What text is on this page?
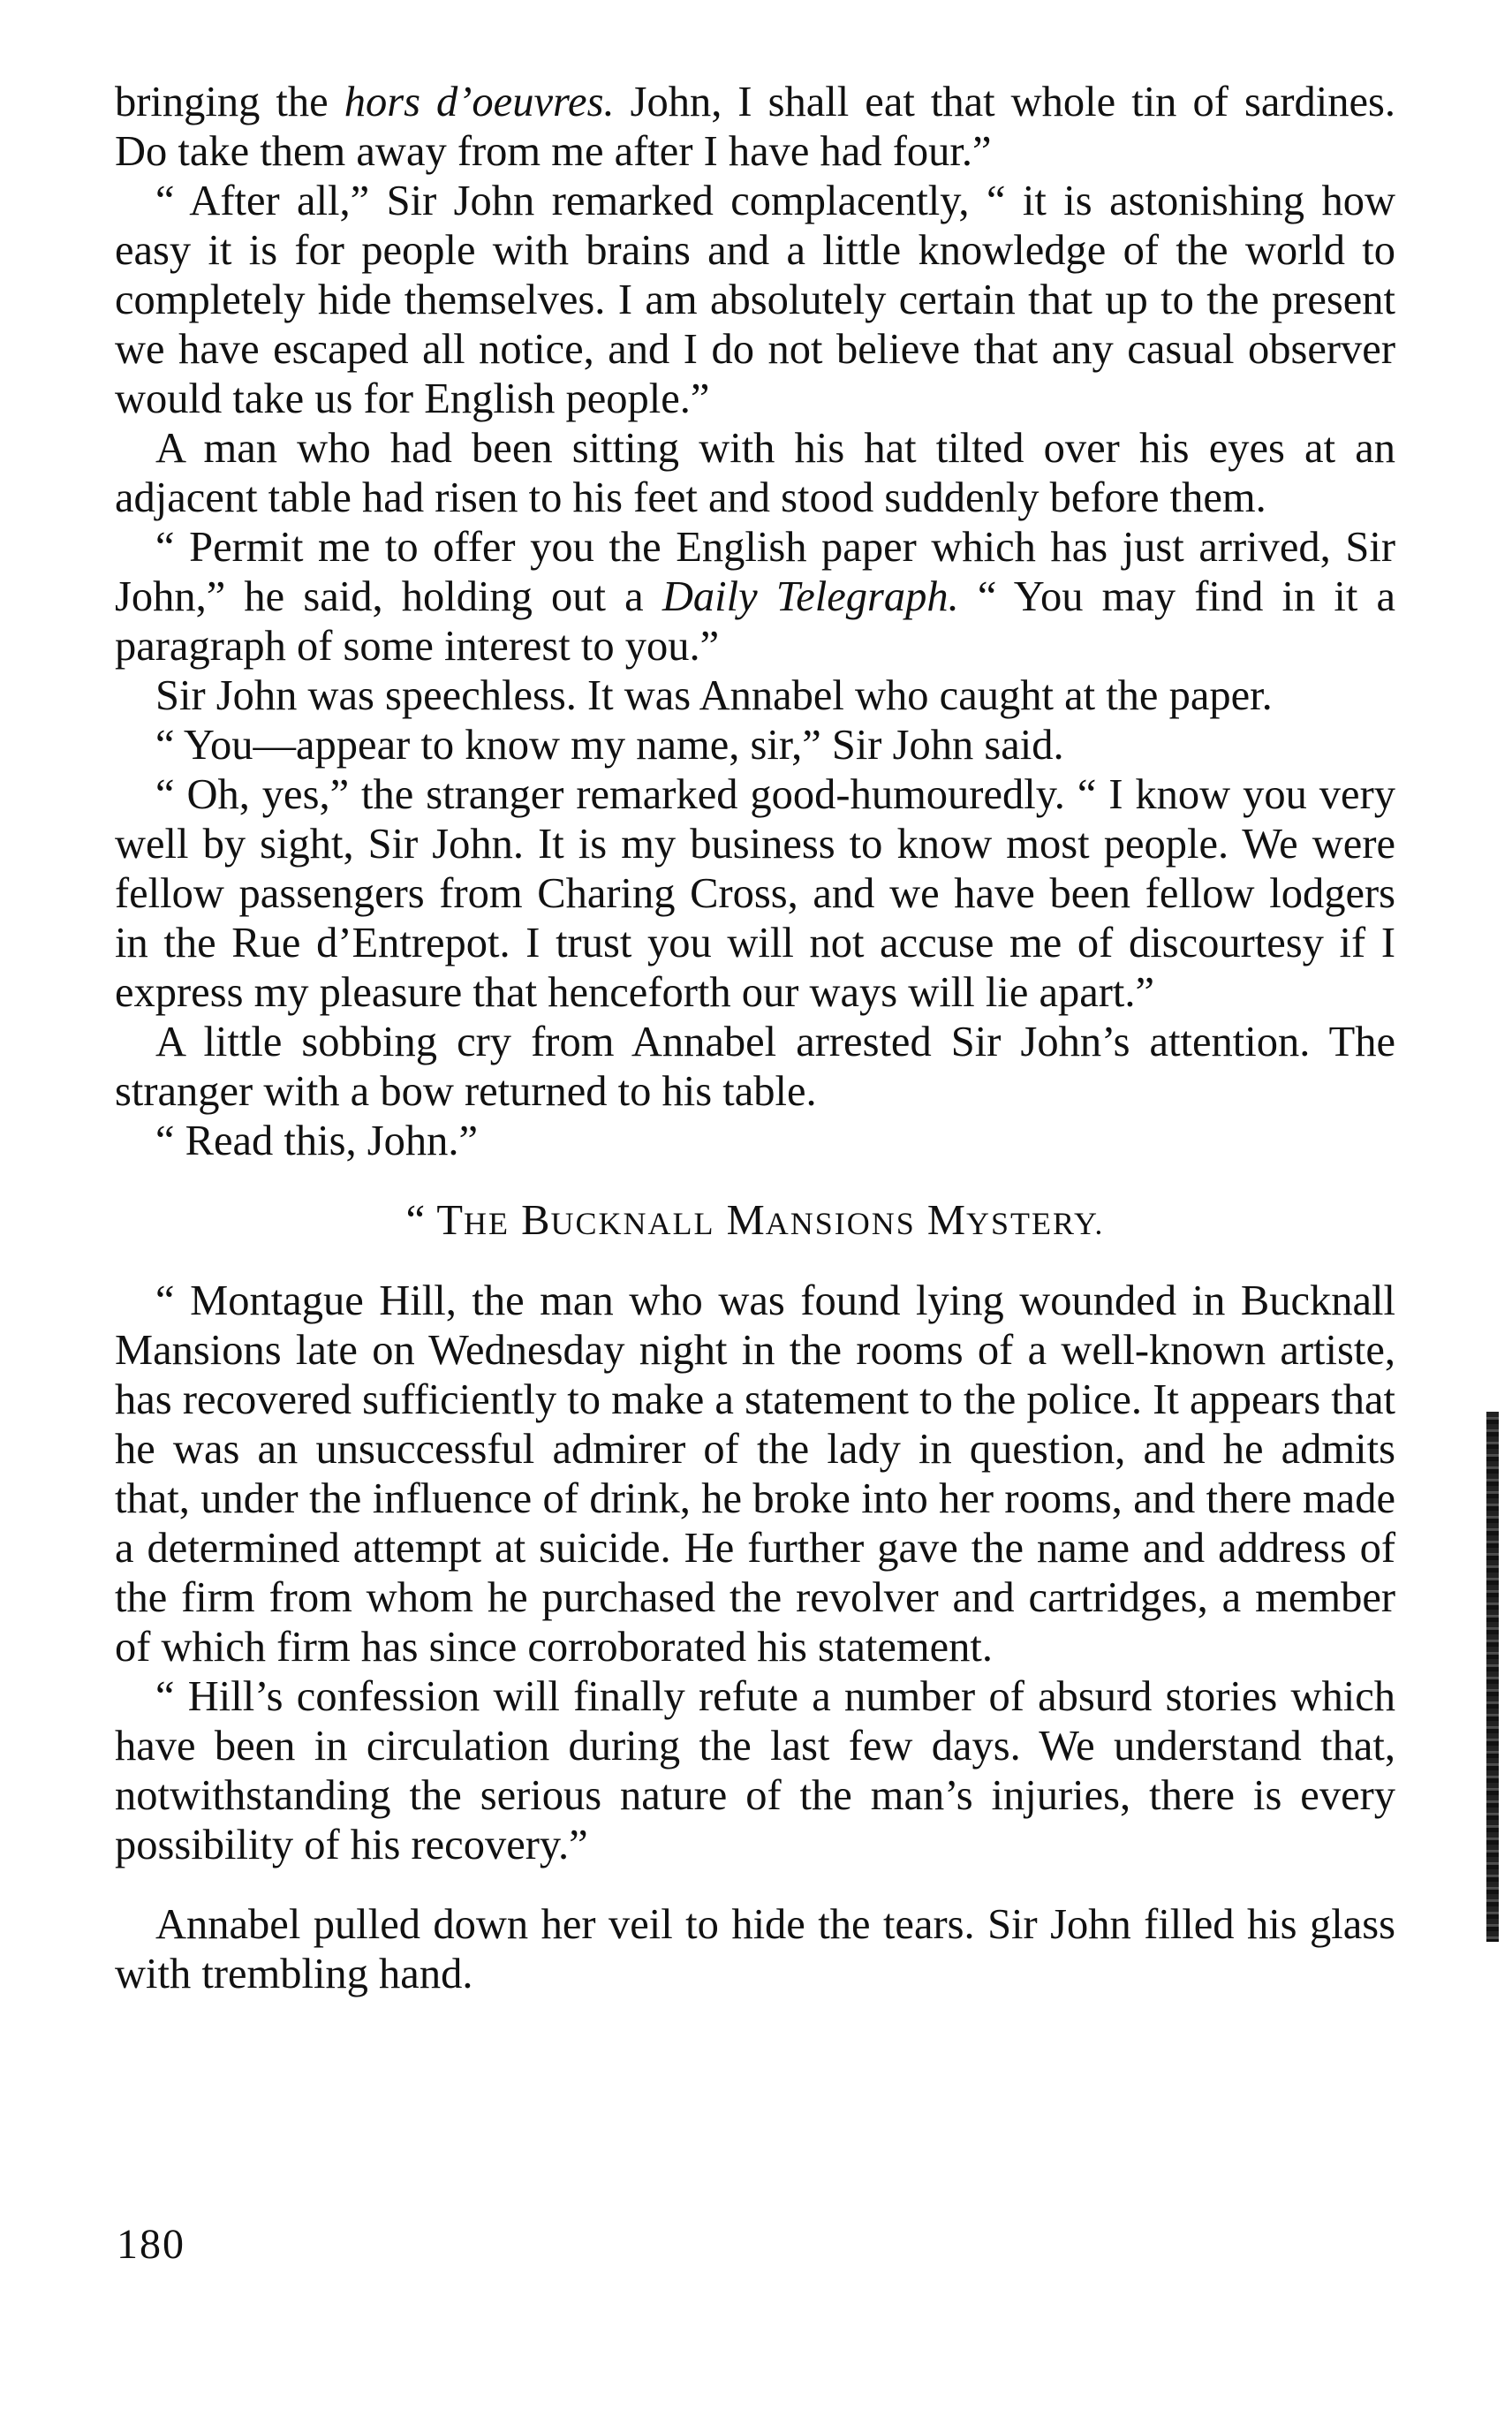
bringing the hors d’oeuvres. John, I shall eat that whole tin of sardines. Do take them away from me after I have had four.”

“ After all,” Sir John remarked complacently, “ it is astonishing how easy it is for people with brains and a little knowledge of the world to completely hide themselves. I am absolutely certain that up to the present we have escaped all notice, and I do not believe that any casual observer would take us for English people.”

A man who had been sitting with his hat tilted over his eyes at an adjacent table had risen to his feet and stood suddenly before them.

“ Permit me to offer you the English paper which has just arrived, Sir John,” he said, holding out a Daily Telegraph. “ You may find in it a paragraph of some interest to you.”

Sir John was speechless. It was Annabel who caught at the paper.

“ You—appear to know my name, sir,” Sir John said.

“ Oh, yes,” the stranger remarked good-humouredly. “ I know you very well by sight, Sir John. It is my business to know most people. We were fellow passengers from Charing Cross, and we have been fellow lodgers in the Rue d’Entrepot. I trust you will not accuse me of discourtesy if I express my pleasure that henceforth our ways will lie apart.”

A little sobbing cry from Annabel arrested Sir John’s attention. The stranger with a bow returned to his table.

“ Read this, John.”

“ THE BUCKNALL MANSIONS MYSTERY.

“ Montague Hill, the man who was found lying wounded in Bucknall Mansions late on Wednesday night in the rooms of a well-known artiste, has recovered sufficiently to make a statement to the police. It appears that he was an unsuccessful admirer of the lady in question, and he admits that, under the influence of drink, he broke into her rooms, and there made a determined attempt at suicide. He further gave the name and address of the firm from whom he purchased the revolver and cartridges, a member of which firm has since corroborated his statement.

“ Hill’s confession will finally refute a number of absurd stories which have been in circulation during the last few days. We understand that, notwithstanding the serious nature of the man’s injuries, there is every possibility of his recovery.”

Annabel pulled down her veil to hide the tears. Sir John filled his glass with trembling hand.

180
